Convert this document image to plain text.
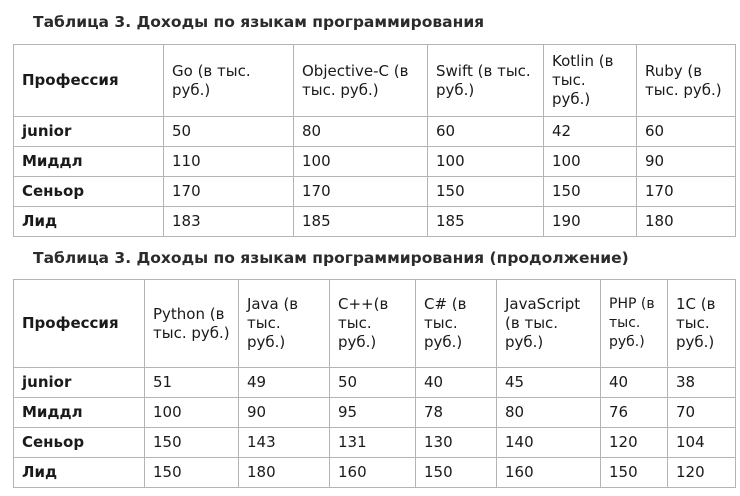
Таблица 3. Доходы по языкам программирования

Профессия	Go (в тыс. руб.)	Objective-C (в тыс. руб.)	Swift (в тыс. руб.)	Kotlin (в тыс. руб.)	Ruby (в тыс. руб.)
junior	50	80	60	42	60
Миддл	110	100	100	100	90
Сеньор	170	170	150	150	170
Лид	183	185	185	190	180

Таблица 3. Доходы по языкам программирования (продолжение)

Профессия	Python (в тыс. руб.)	Java (в тыс. руб.)	C++(в тыс. руб.)	C# (в тыс. руб.)	JavaScript (в тыс. руб.)	PHP (в тыс. руб.)	1С (в тыс. руб.)
junior	51	49	50	40	45	40	38
Миддл	100	90	95	78	80	76	70
Сеньор	150	143	131	130	140	120	104
Лид	150	180	160	150	160	150	120
